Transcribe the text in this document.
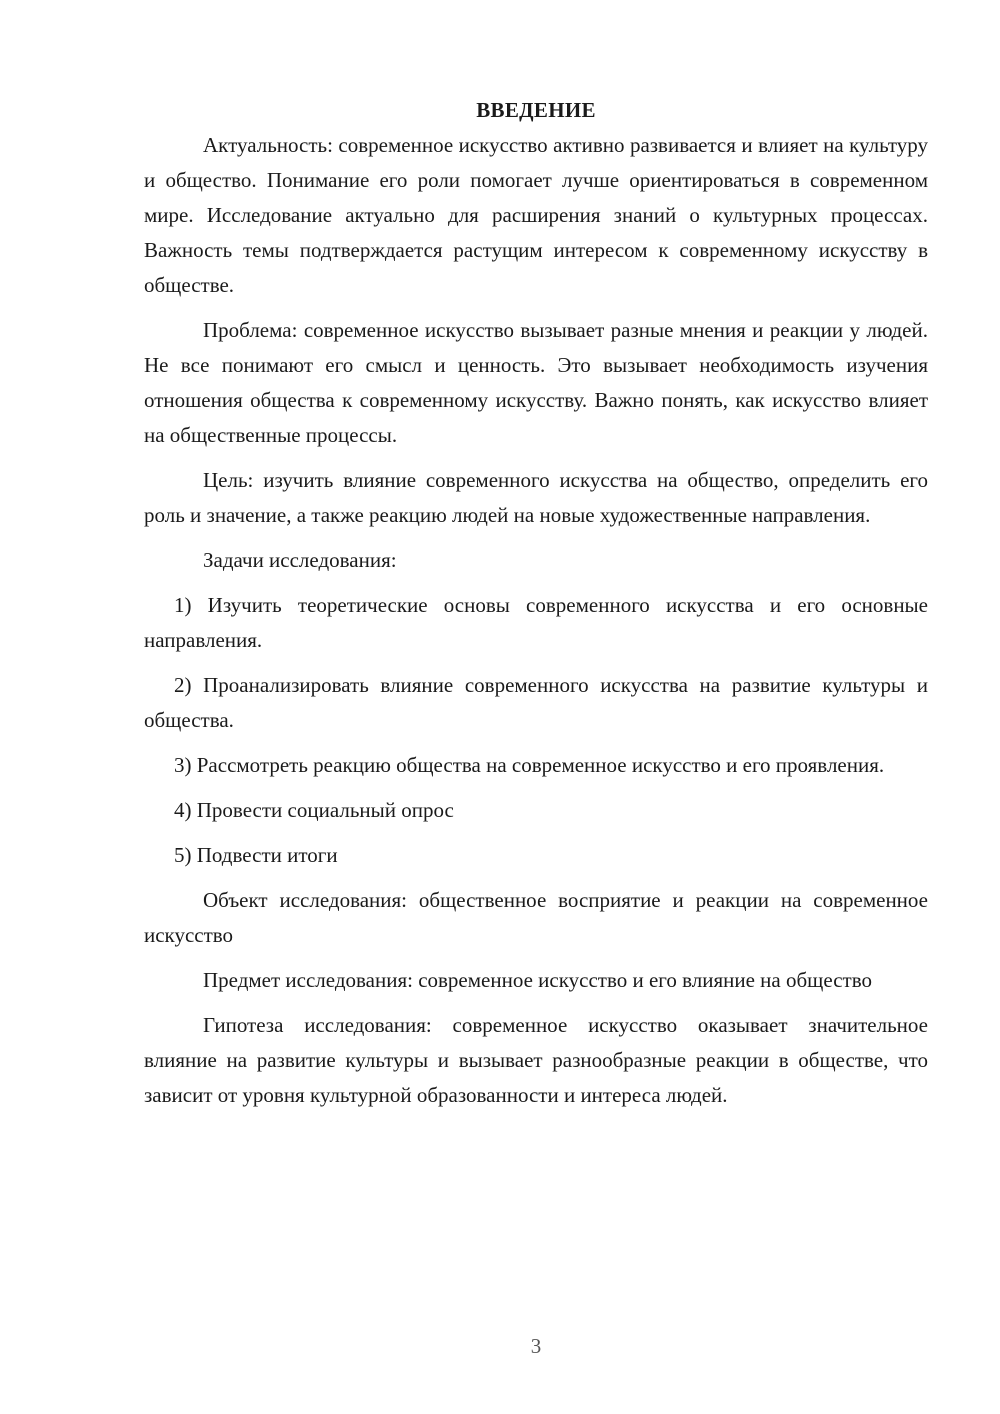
ВВЕДЕНИЕ

Актуальность: современное искусство активно развивается и влияет на культуру и общество. Понимание его роли помогает лучше ориентироваться в современном мире. Исследование актуально для расширения знаний о культурных процессах. Важность темы подтверждается растущим интересом к современному искусству в обществе.

Проблема: современное искусство вызывает разные мнения и реакции у людей. Не все понимают его смысл и ценность. Это вызывает необходимость изучения отношения общества к современному искусству. Важно понять, как искусство влияет на общественные процессы.

Цель: изучить влияние современного искусства на общество, определить его роль и значение, а также реакцию людей на новые художественные направления.

Задачи исследования:

1) Изучить теоретические основы современного искусства и его основные направления.

2) Проанализировать влияние современного искусства на развитие культуры и общества.

3) Рассмотреть реакцию общества на современное искусство и его проявления.

4) Провести социальный опрос

5) Подвести итоги

Объект исследования: общественное восприятие и реакции на современное искусство

Предмет исследования: современное искусство и его влияние на общество

Гипотеза исследования: современное искусство оказывает значительное влияние на развитие культуры и вызывает разнообразные реакции в обществе, что зависит от уровня культурной образованности и интереса людей.

3
